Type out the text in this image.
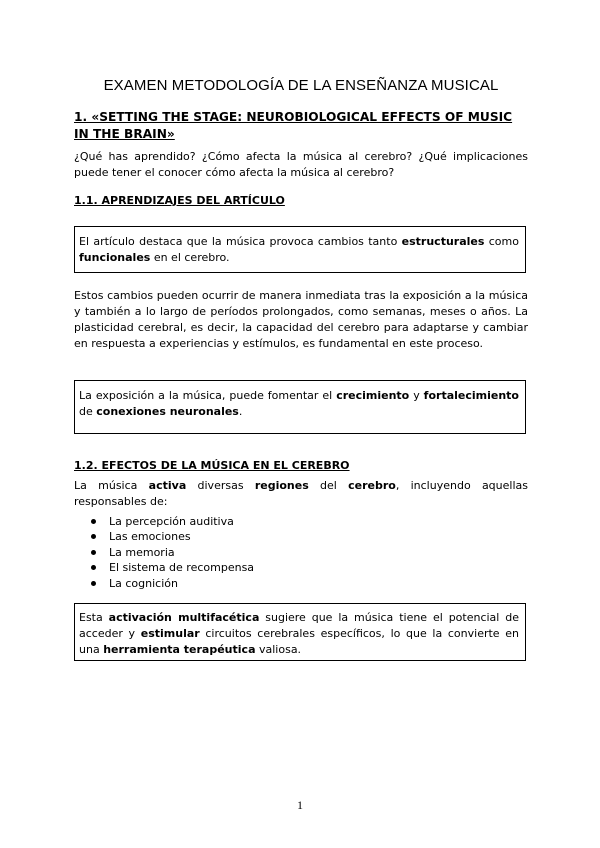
EXAMEN METODOLOGÍA DE LA ENSEÑANZA MUSICAL
1. «SETTING THE STAGE: NEUROBIOLOGICAL EFFECTS OF MUSIC
IN THE BRAIN»
¿Qué has aprendido? ¿Cómo afecta la música al cerebro? ¿Qué implicaciones puede tener el conocer cómo afecta la música al cerebro?
1.1. APRENDIZAJES DEL ARTÍCULO
El artículo destaca que la música provoca cambios tanto estructurales como funcionales en el cerebro.
Estos cambios pueden ocurrir de manera inmediata tras la exposición a la música y también a lo largo de períodos prolongados, como semanas, meses o años. La plasticidad cerebral, es decir, la capacidad del cerebro para adaptarse y cambiar en respuesta a experiencias y estímulos, es fundamental en este proceso.
La exposición a la música, puede fomentar el crecimiento y fortalecimiento de conexiones neuronales.
1.2. EFECTOS DE LA MÚSICA EN EL CEREBRO
La música activa diversas regiones del cerebro, incluyendo aquellas responsables de:
La percepción auditiva
Las emociones
La memoria
El sistema de recompensa
La cognición
Esta activación multifacética sugiere que la música tiene el potencial de acceder y estimular circuitos cerebrales específicos, lo que la convierte en una herramienta terapéutica valiosa.
1
